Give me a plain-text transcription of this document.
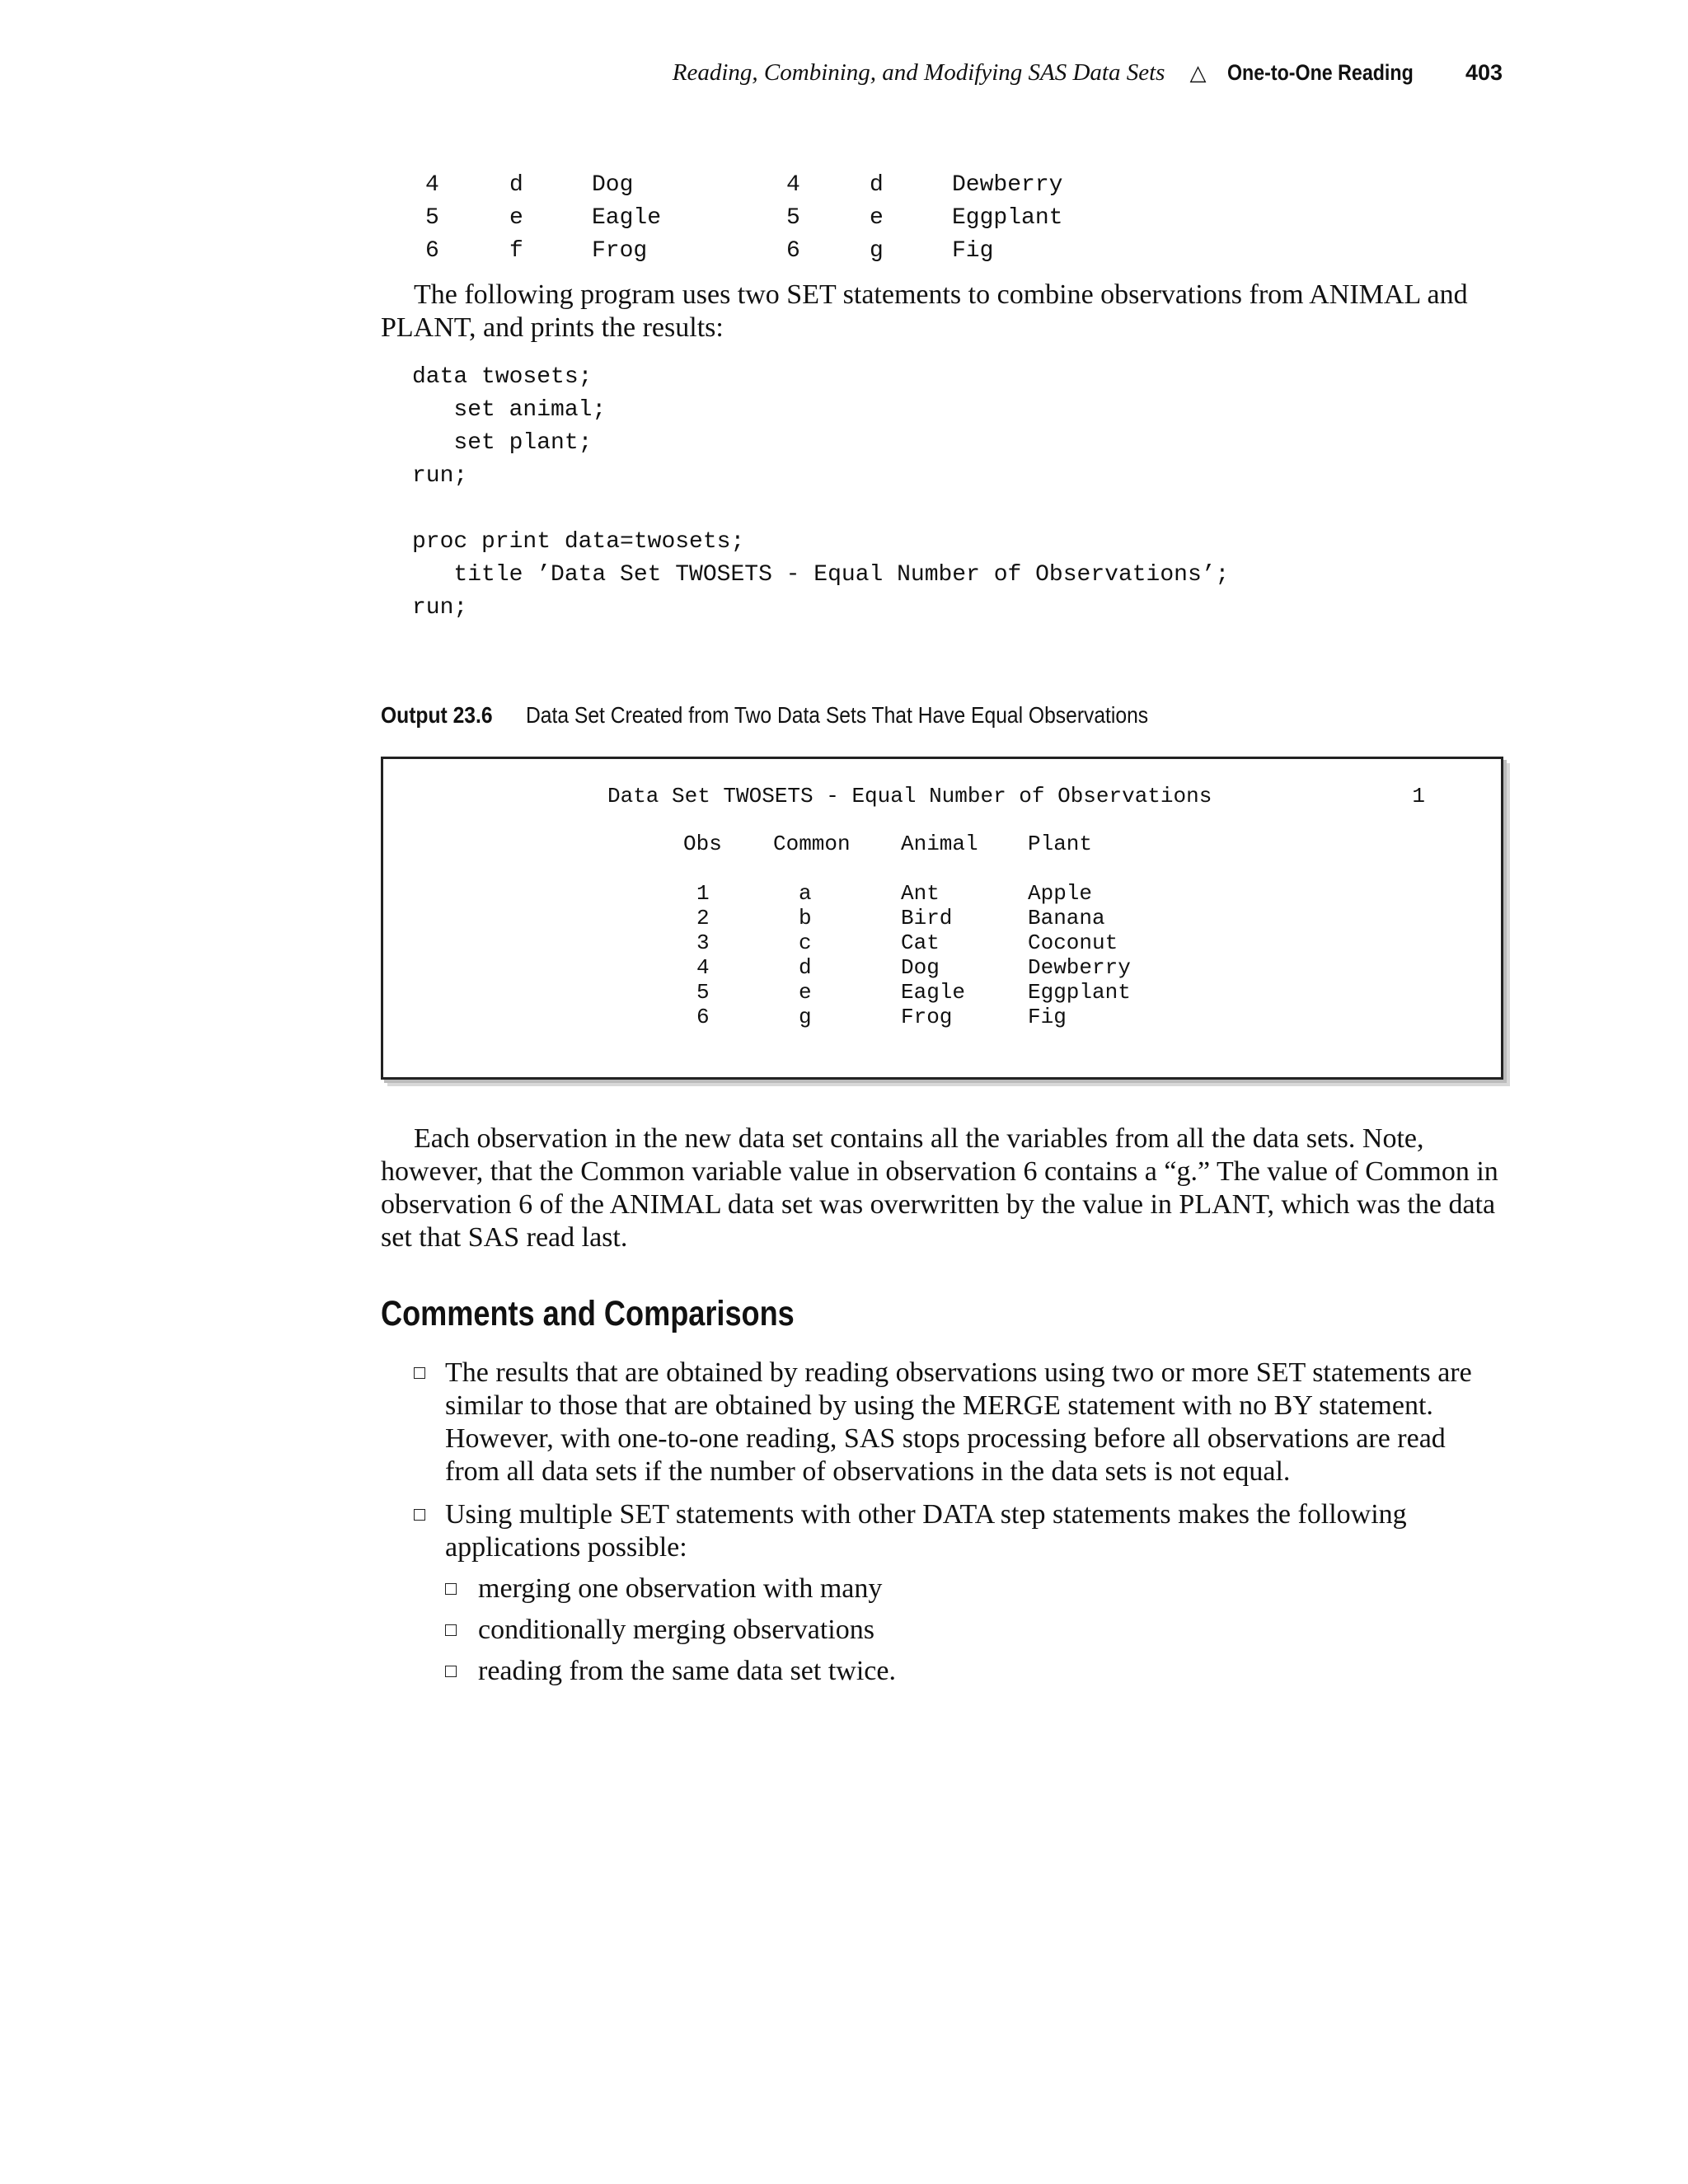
Reading, Combining, and Modifying SAS Data Sets △ One-to-One Reading 403
4	d	Dog	4	d	Dewberry
5	e	Eagle	5	e	Eggplant
6	f	Frog	6	g	Fig

The following program uses two SET statements to combine observations from ANIMAL and PLANT, and prints the results:

data twosets;
set animal;
set plant;
run;

proc print data=twosets;
title ’Data Set TWOSETS - Equal Number of Observations’;
run;
Output 23.6 Data Set Created from Two Data Sets That Have Equal Observations
Data Set TWOSETS - Equal Number of Observations	1
Obs Common Animal Plant
1	a	Ant	Apple
2	b	Bird	Banana
3	c	Cat	Coconut
4	d	Dog	Dewberry
5	e	Eagle	Eggplant
6	g	Frog	Fig

Each observation in the new data set contains all the variables from all the data sets. Note, however, that the Common variable value in observation 6 contains a “g.” The value of Common in observation 6 of the ANIMAL data set was overwritten by the value in PLANT, which was the data set that SAS read last.

Comments and Comparisons
The results that are obtained by reading observations using two or more SET statements are similar to those that are obtained by using the MERGE statement with no BY statement. However, with one-to-one reading, SAS stops processing before all observations are read from all data sets if the number of observations in the data sets is not equal.
Using multiple SET statements with other DATA step statements makes the following applications possible:
merging one observation with many
conditionally merging observations
reading from the same data set twice.
